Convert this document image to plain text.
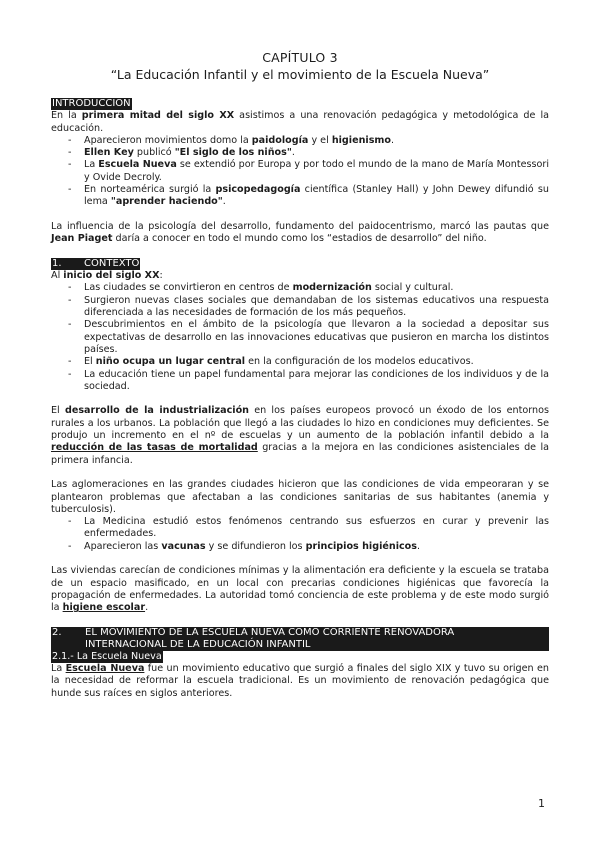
CAPÍTULO 3
“La Educación Infantil y el movimiento de la Escuela Nueva”
INTRODUCCION

En la primera mitad del siglo XX asistimos a una renovación pedagógica y metodológica de la educación.

- Aparecieron movimientos domo la paidología y el higienismo.
- Ellen Key publicó "El siglo de los niños".
- La Escuela Nueva se extendió por Europa y por todo el mundo de la mano de María Montessori y Ovide Decroly.
- En norteamérica surgió la psicopedagogía científica (Stanley Hall) y John Dewey difundió su lema "aprender haciendo".

La influencia de la psicología del desarrollo, fundamento del paidocentrismo, marcó las pautas que Jean Piaget daría a conocer en todo el mundo como los “estadios de desarrollo” del niño.

1. CONTEXTO

Al inicio del siglo XX:

- Las ciudades se convirtieron en centros de modernización social y cultural.
- Surgieron nuevas clases sociales que demandaban de los sistemas educativos una respuesta diferenciada a las necesidades de formación de los más pequeños.
- Descubrimientos en el ámbito de la psicología que llevaron a la sociedad a depositar sus expectativas de desarrollo en las innovaciones educativas que pusieron en marcha los distintos países.
- El niño ocupa un lugar central en la configuración de los modelos educativos.
- La educación tiene un papel fundamental para mejorar las condiciones de los individuos y de la sociedad.

El desarrollo de la industrialización en los países europeos provocó un éxodo de los entornos rurales a los urbanos. La población que llegó a las ciudades lo hizo en condiciones muy deficientes. Se produjo un incremento en el nº de escuelas y un aumento de la población infantil debido a la reducción de las tasas de mortalidad gracias a la mejora en las condiciones asistenciales de la primera infancia.

Las aglomeraciones en las grandes ciudades hicieron que las condiciones de vida empeoraran y se plantearon problemas que afectaban a las condiciones sanitarias de sus habitantes (anemia y tuberculosis).

- La Medicina estudió estos fenómenos centrando sus esfuerzos en curar y prevenir las enfermedades.
- Aparecieron las vacunas y se difundieron los principios higiénicos.

Las viviendas carecían de condiciones mínimas y la alimentación era deficiente y la escuela se trataba de un espacio masificado, en un local con precarias condiciones higiénicas que favorecía la propagación de enfermedades. La autoridad tomó conciencia de este problema y de este modo surgió la higiene escolar.

2. EL MOVIMIENTO DE LA ESCUELA NUEVA COMO CORRIENTE RENOVADORA
INTERNACIONAL DE LA EDUCACIÓN INFANTIL
2.1.- La Escuela Nueva

La Escuela Nueva fue un movimiento educativo que surgió a finales del siglo XIX y tuvo su origen en la necesidad de reformar la escuela tradicional. Es un movimiento de renovación pedagógica que hunde sus raíces en siglos anteriores.

1
